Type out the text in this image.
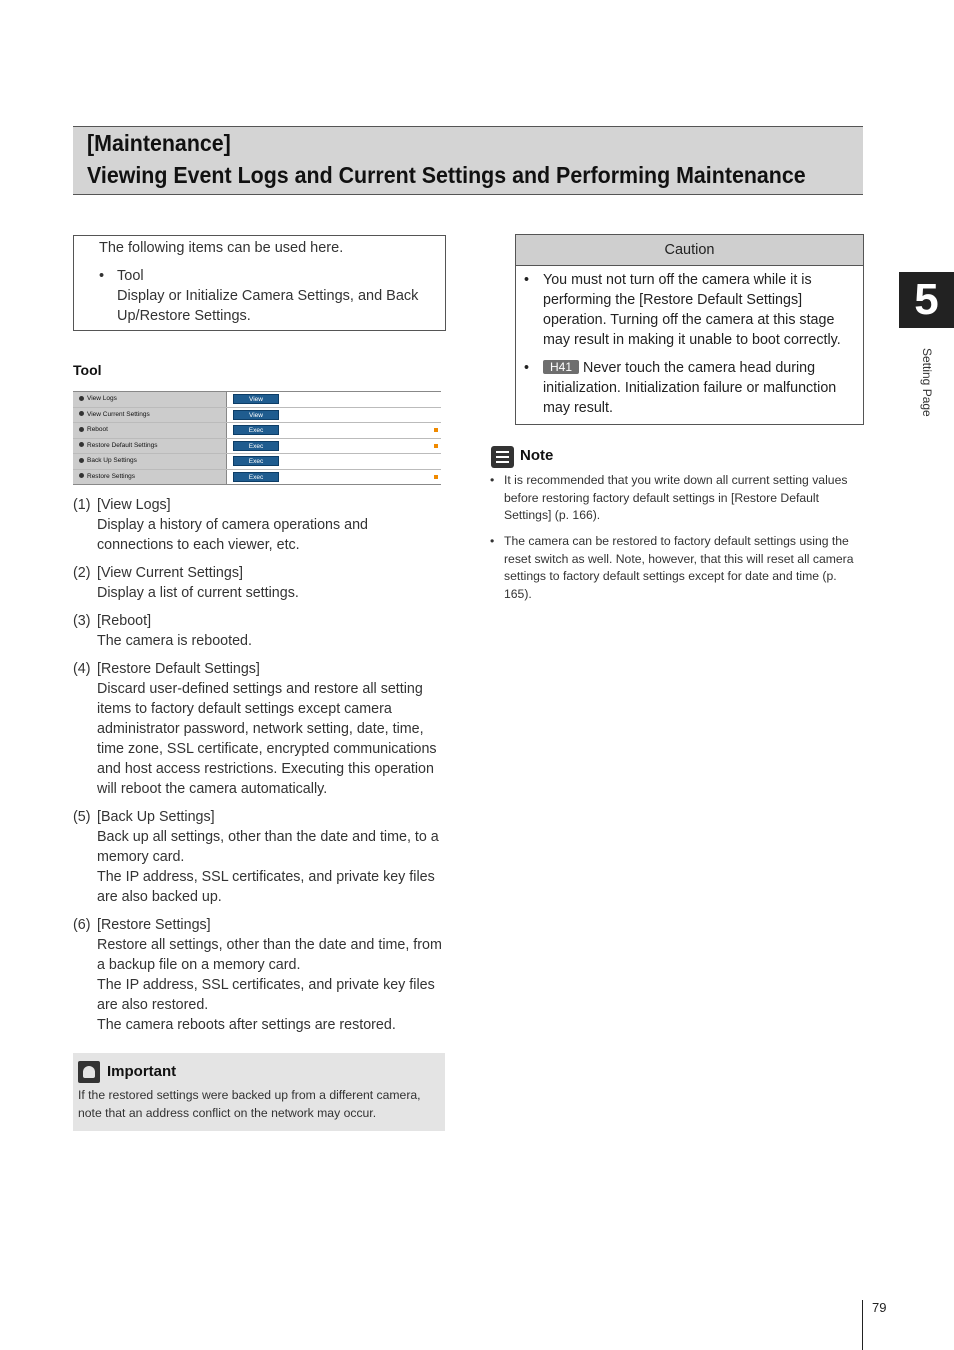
[Maintenance]
Viewing Event Logs and Current Settings and Performing Maintenance
The following items can be used here.
• Tool
Display or Initialize Camera Settings, and Back Up/Restore Settings.
Tool
View Logs	View
View Current Settings	View
Reboot	Exec
Restore Default Settings	Exec
Back Up Settings	Exec
Restore Settings	Exec
(1) [View Logs]
Display a history of camera operations and connections to each viewer, etc.
(2) [View Current Settings]
Display a list of current settings.
(3) [Reboot]
The camera is rebooted.
(4) [Restore Default Settings]
Discard user-defined settings and restore all setting items to factory default settings except camera administrator password, network setting, date, time, time zone, SSL certificate, encrypted communications and host access restrictions. Executing this operation will reboot the camera automatically.
(5) [Back Up Settings]
Back up all settings, other than the date and time, to a memory card.
The IP address, SSL certificates, and private key files are also backed up.
(6) [Restore Settings]
Restore all settings, other than the date and time, from a backup file on a memory card.
The IP address, SSL certificates, and private key files are also restored.
The camera reboots after settings are restored.
Important
If the restored settings were backed up from a different camera, note that an address conflict on the network may occur.
Caution
• You must not turn off the camera while it is performing the [Restore Default Settings] operation. Turning off the camera at this stage may result in making it unable to boot correctly.
• H41 Never touch the camera head during initialization. Initialization failure or malfunction may result.
Note
• It is recommended that you write down all current setting values before restoring factory default settings in [Restore Default Settings] (p. 166).
• The camera can be restored to factory default settings using the reset switch as well. Note, however, that this will reset all camera settings to factory default settings except for date and time (p. 165).
5
Setting Page
79
